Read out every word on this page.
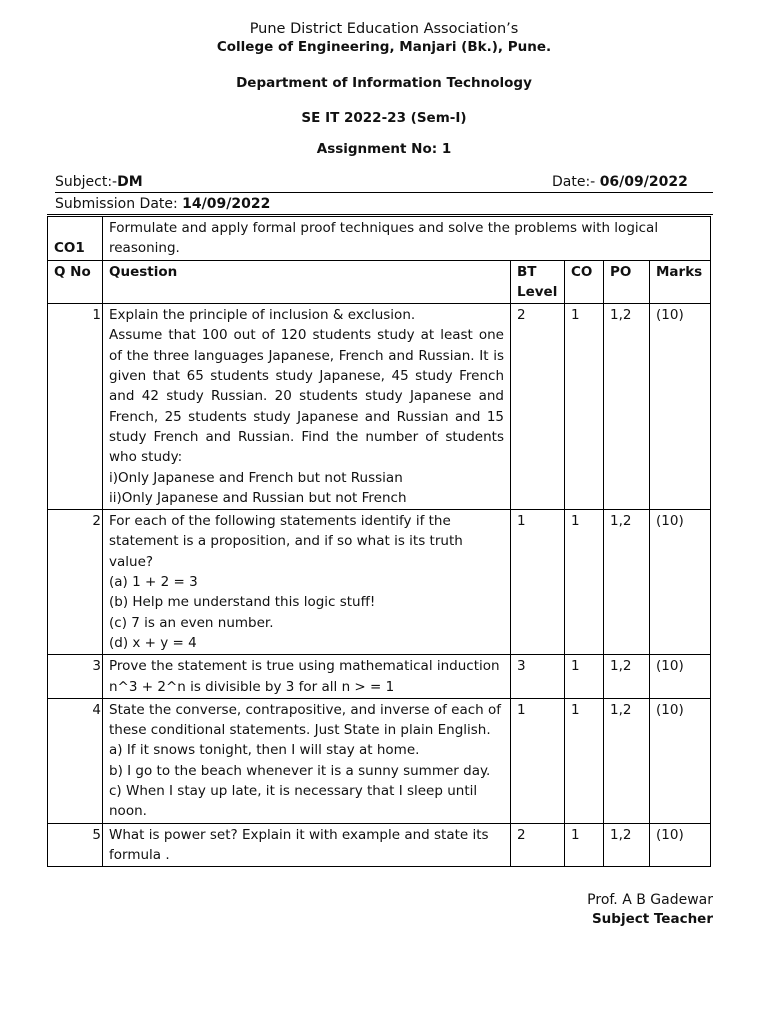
Pune District Education Association’s
College of Engineering, Manjari (Bk.), Pune.
Department of Information Technology
SE IT 2022-23 (Sem-I)
Assignment No: 1
Subject:-DM	Date:- 06/09/2022
Submission Date: 14/09/2022
CO1	Formulate and apply formal proof techniques and solve the problems with logical reasoning.				
Q No	Question	BT Level	CO	PO	Marks
1	Explain the principle of inclusion & exclusion.
Assume that 100 out of 120 students study at least one of the three languages Japanese, French and Russian. It is given that 65 students study Japanese, 45 study French and 42 study Russian. 20 students study Japanese and French, 25 students study Japanese and Russian and 15 study French and Russian. Find the number of students who study:
i)Only Japanese and French but not Russian
ii)Only Japanese and Russian but not French	2	1	1,2	(10)
2	For each of the following statements identify if the statement is a proposition, and if so what is its truth value?
(a) 1 + 2 = 3
(b) Help me understand this logic stuff!
(c) 7 is an even number.
(d) x + y = 4	1	1	1,2	(10)
3	Prove the statement is true using mathematical induction
n^3 + 2^n is divisible by 3 for all n > = 1	3	1	1,2	(10)
4	State the converse, contrapositive, and inverse of each of these conditional statements. Just State in plain English.
a) If it snows tonight, then I will stay at home.
b) I go to the beach whenever it is a sunny summer day.
c) When I stay up late, it is necessary that I sleep until noon.	1	1	1,2	(10)
5	What is power set? Explain it with example and state its formula .	2	1	1,2	(10)
Prof. A B Gadewar
Subject Teacher
